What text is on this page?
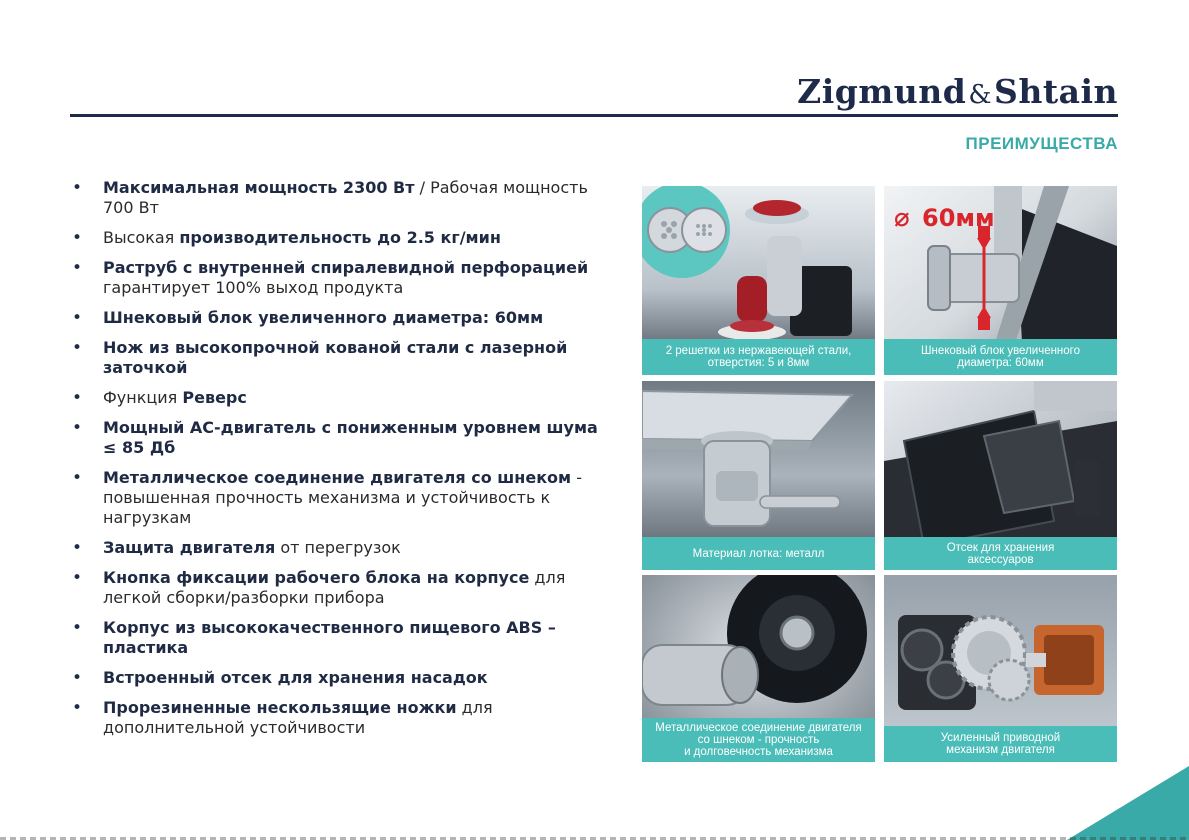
Zigmund&Shtain
ПРЕИМУЩЕСТВА
• Максимальная мощность 2300 Вт / Рабочая мощность 700 Вт
• Высокая производительность до 2.5 кг/мин
• Раструб с внутренней спиралевидной перфорацией гарантирует 100% выход продукта
• Шнековый блок увеличенного диаметра: 60мм
• Нож из высокопрочной кованой стали с лазерной заточкой
• Функция Реверс
• Мощный АС-двигатель с пониженным уровнем шума ≤ 85 Дб
• Металлическое соединение двигателя со шнеком - повышенная прочность механизма и устойчивость к нагрузкам
• Защита двигателя от перегрузок
• Кнопка фиксации рабочего блока на корпусе для легкой сборки/разборки прибора
• Корпус из высококачественного пищевого ABS – пластика
• Встроенный отсек для хранения насадок
• Прорезиненные нескользящие ножки для дополнительной устойчивости
2 решетки из нержавеющей стали,
отверстия: 5 и 8мм
⌀ 60мм
Шнековый блок увеличенного
диаметра: 60мм
Материал лотка: металл	Отсек для хранения
аксессуаров
Металлическое соединение двигателя
со шнеком - прочность
и долговечность механизма
Усиленный приводной
механизм двигателя
